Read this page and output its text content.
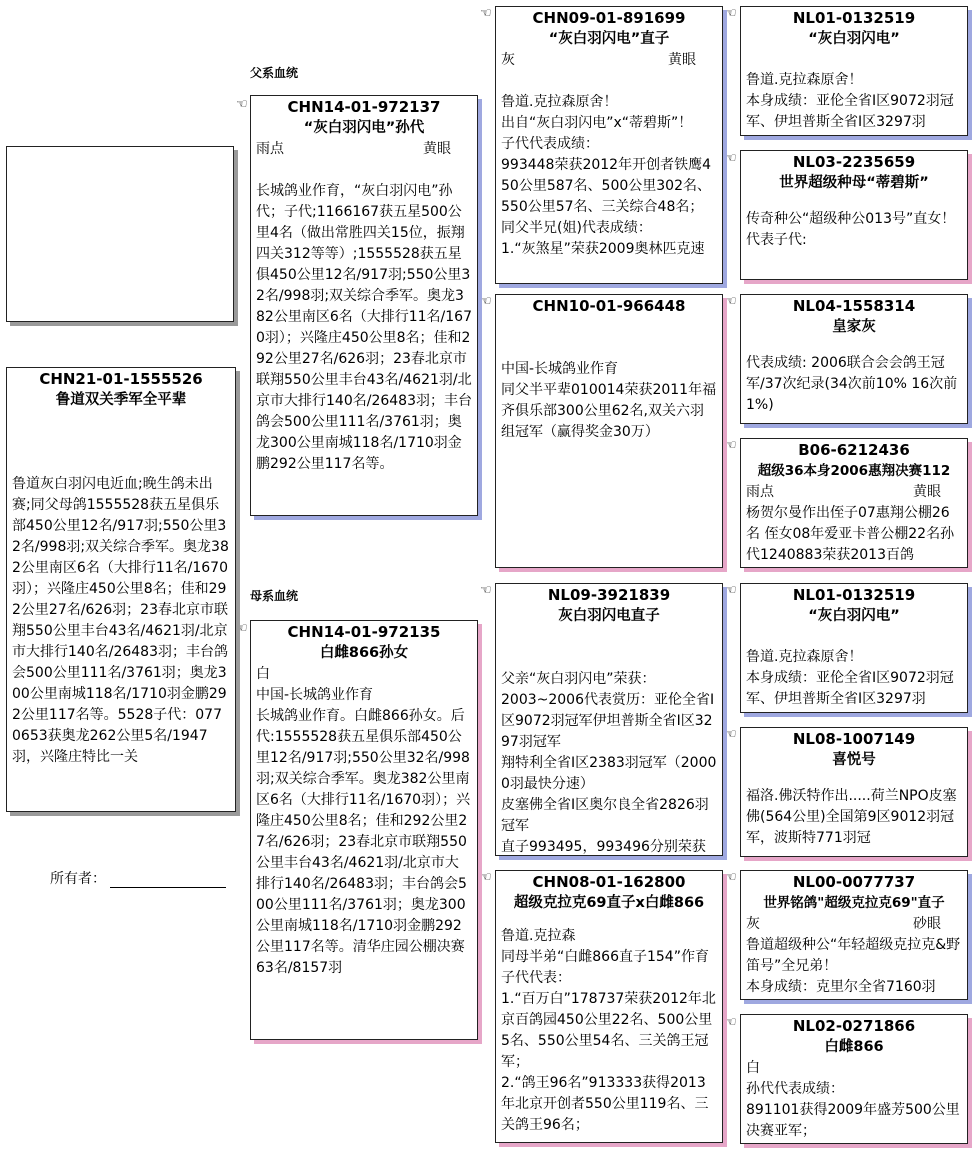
父系血统
母系血统
☜
☜
☜
☜
☜
☜
☜
☜
☜
☜
☜
☜
☜
☜
CHN21-01-1555526
鲁道双关季军全平辈
鲁道灰白羽闪电近血;晚生鸽未出赛;同父母鸽1555528获五星俱乐部450公里12名/917羽;550公里32名/998羽;双关综合季军。奥龙382公里南区6名（大排行11名/1670羽）；兴隆庄450公里8名；佳和292公里27名/626羽；23春北京市联翔550公里丰台43名/4621羽/北京市大排行140名/26483羽；丰台鸽会500公里111名/3761羽；奥龙300公里南城118名/1710羽金鹏292公里117名等。5528子代：0770653获奥龙262公里5名/1947羽，兴隆庄特比一关
所有者：
CHN14-01-972137
“灰白羽闪电”孙代
雨点	黄眼
长城鸽业作育，“灰白羽闪电”孙代；子代;1166167获五星500公里4名（做出常胜四关15位，振翔四关312等等）;1555528获五星俱450公里12名/917羽;550公里32名/998羽;双关综合季军。奥龙382公里南区6名（大排行11名/1670羽）；兴隆庄450公里8名；佳和292公里27名/626羽；23春北京市联翔550公里丰台43名/4621羽/北京市大排行140名/26483羽；丰台鸽会500公里111名/3761羽；奥龙300公里南城118名/1710羽金鹏292公里117名等。
CHN14-01-972135
白雌866孙女
白
中国-长城鸽业作育
长城鸽业作育。白雌866孙女。后代:1555528获五星俱乐部450公里12名/917羽;550公里32名/998羽;双关综合季军。奥龙382公里南区6名（大排行11名/1670羽）；兴隆庄450公里8名；佳和292公里27名/626羽；23春北京市联翔550公里丰台43名/4621羽/北京市大排行140名/26483羽；丰台鸽会500公里111名/3761羽；奥龙300公里南城118名/1710羽金鹏292公里117名等。清华庄园公棚决赛63名/8157羽
CHN09-01-891699
“灰白羽闪电”直子
灰	黄眼
鲁道.克拉森原舍！
出自“灰白羽闪电”x“蒂碧斯”！
子代代表成绩：
993448荣获2012年开创者铁鹰450公里587名、500公里302名、550公里57名、三关综合48名；
同父半兄(姐)代表成绩：
1.“灰煞星”荣获2009奥林匹克速
CHN10-01-966448
中国-长城鸽业作育
同父半平辈010014荣获2011年福齐俱乐部300公里62名,双关六羽组冠军（赢得奖金30万）
NL09-3921839
灰白羽闪电直子
父亲“灰白羽闪电”荣获：
2003~2006代表赏历：亚伦全省I区9072羽冠军伊坦普斯全省I区3297羽冠军
翔特利全省I区2383羽冠军（20000羽最快分速）
皮塞佛全省I区奥尔良全省2826羽冠军
直子993495，993496分别荣获
CHN08-01-162800
超级克拉克69直子x白雌866
鲁道.克拉森
同母半弟“白雌866直子154”作育子代代表：
1.“百万白”178737荣获2012年北京百鸽园450公里22名、500公里5名、550公里54名、三关鸽王冠军；
2.“鸽王96名”913333获得2013年北京开创者550公里119名、三关鸽王96名；
NL01-0132519
“灰白羽闪电”
鲁道.克拉森原舍！
本身成绩：亚伦全省I区9072羽冠军、伊坦普斯全省I区3297羽
NL03-2235659
世界超级种母“蒂碧斯”
传奇种公“超级种公013号”直女！
代表子代:
NL04-1558314
皇家灰
代表成绩: 2006联合会会鸽王冠军/37次纪录(34次前10% 16次前1%)
B06-6212436
超级36本身2006惠翔决赛112
雨点	黄眼
杨贺尔曼作出侄子07惠翔公棚26名 侄女08年爱亚卡普公棚22名孙代1240883荣获2013百鸽
NL01-0132519
“灰白羽闪电”
鲁道.克拉森原舍！
本身成绩：亚伦全省I区9072羽冠军、伊坦普斯全省I区3297羽
NL08-1007149
喜悦号
福洛.佛沃特作出.....荷兰NPO皮塞佛(564公里)全国第9区9012羽冠军，波斯特771羽冠
NL00-0077737
世界铭鸽"超级克拉克69"直子
灰	砂眼
鲁道超级种公“年轻超级克拉克&野笛号”全兄弟！
本身成绩：克里尔全省7160羽
NL02-0271866
白雌866
白
孙代代表成绩：
891101获得2009年盛芳500公里决赛亚军；
